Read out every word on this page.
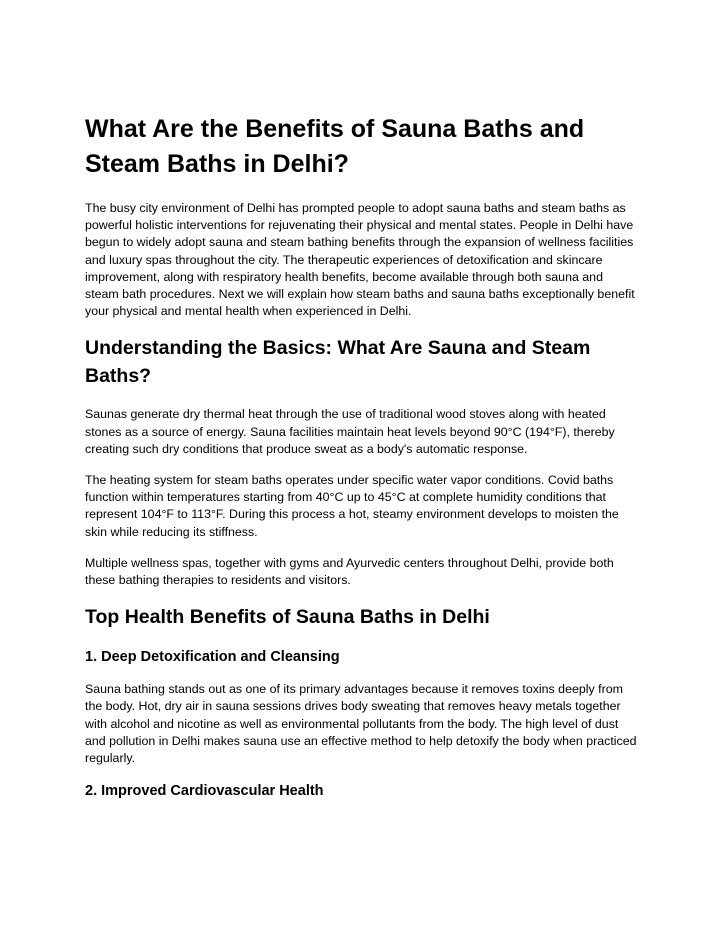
What Are the Benefits of Sauna Baths and Steam Baths in Delhi?

The busy city environment of Delhi has prompted people to adopt sauna baths and steam baths as powerful holistic interventions for rejuvenating their physical and mental states. People in Delhi have begun to widely adopt sauna and steam bathing benefits through the expansion of wellness facilities and luxury spas throughout the city. The therapeutic experiences of detoxification and skincare improvement, along with respiratory health benefits, become available through both sauna and steam bath procedures. Next we will explain how steam baths and sauna baths exceptionally benefit your physical and mental health when experienced in Delhi.

Understanding the Basics: What Are Sauna and Steam Baths?

Saunas generate dry thermal heat through the use of traditional wood stoves along with heated stones as a source of energy. Sauna facilities maintain heat levels beyond 90°C (194°F), thereby creating such dry conditions that produce sweat as a body's automatic response.

The heating system for steam baths operates under specific water vapor conditions. Covid baths function within temperatures starting from 40°C up to 45°C at complete humidity conditions that represent 104°F to 113°F. During this process a hot, steamy environment develops to moisten the skin while reducing its stiffness.

Multiple wellness spas, together with gyms and Ayurvedic centers throughout Delhi, provide both these bathing therapies to residents and visitors.

Top Health Benefits of Sauna Baths in Delhi
1. Deep Detoxification and Cleansing

Sauna bathing stands out as one of its primary advantages because it removes toxins deeply from the body. Hot, dry air in sauna sessions drives body sweating that removes heavy metals together with alcohol and nicotine as well as environmental pollutants from the body. The high level of dust and pollution in Delhi makes sauna use an effective method to help detoxify the body when practiced regularly.

2. Improved Cardiovascular Health
